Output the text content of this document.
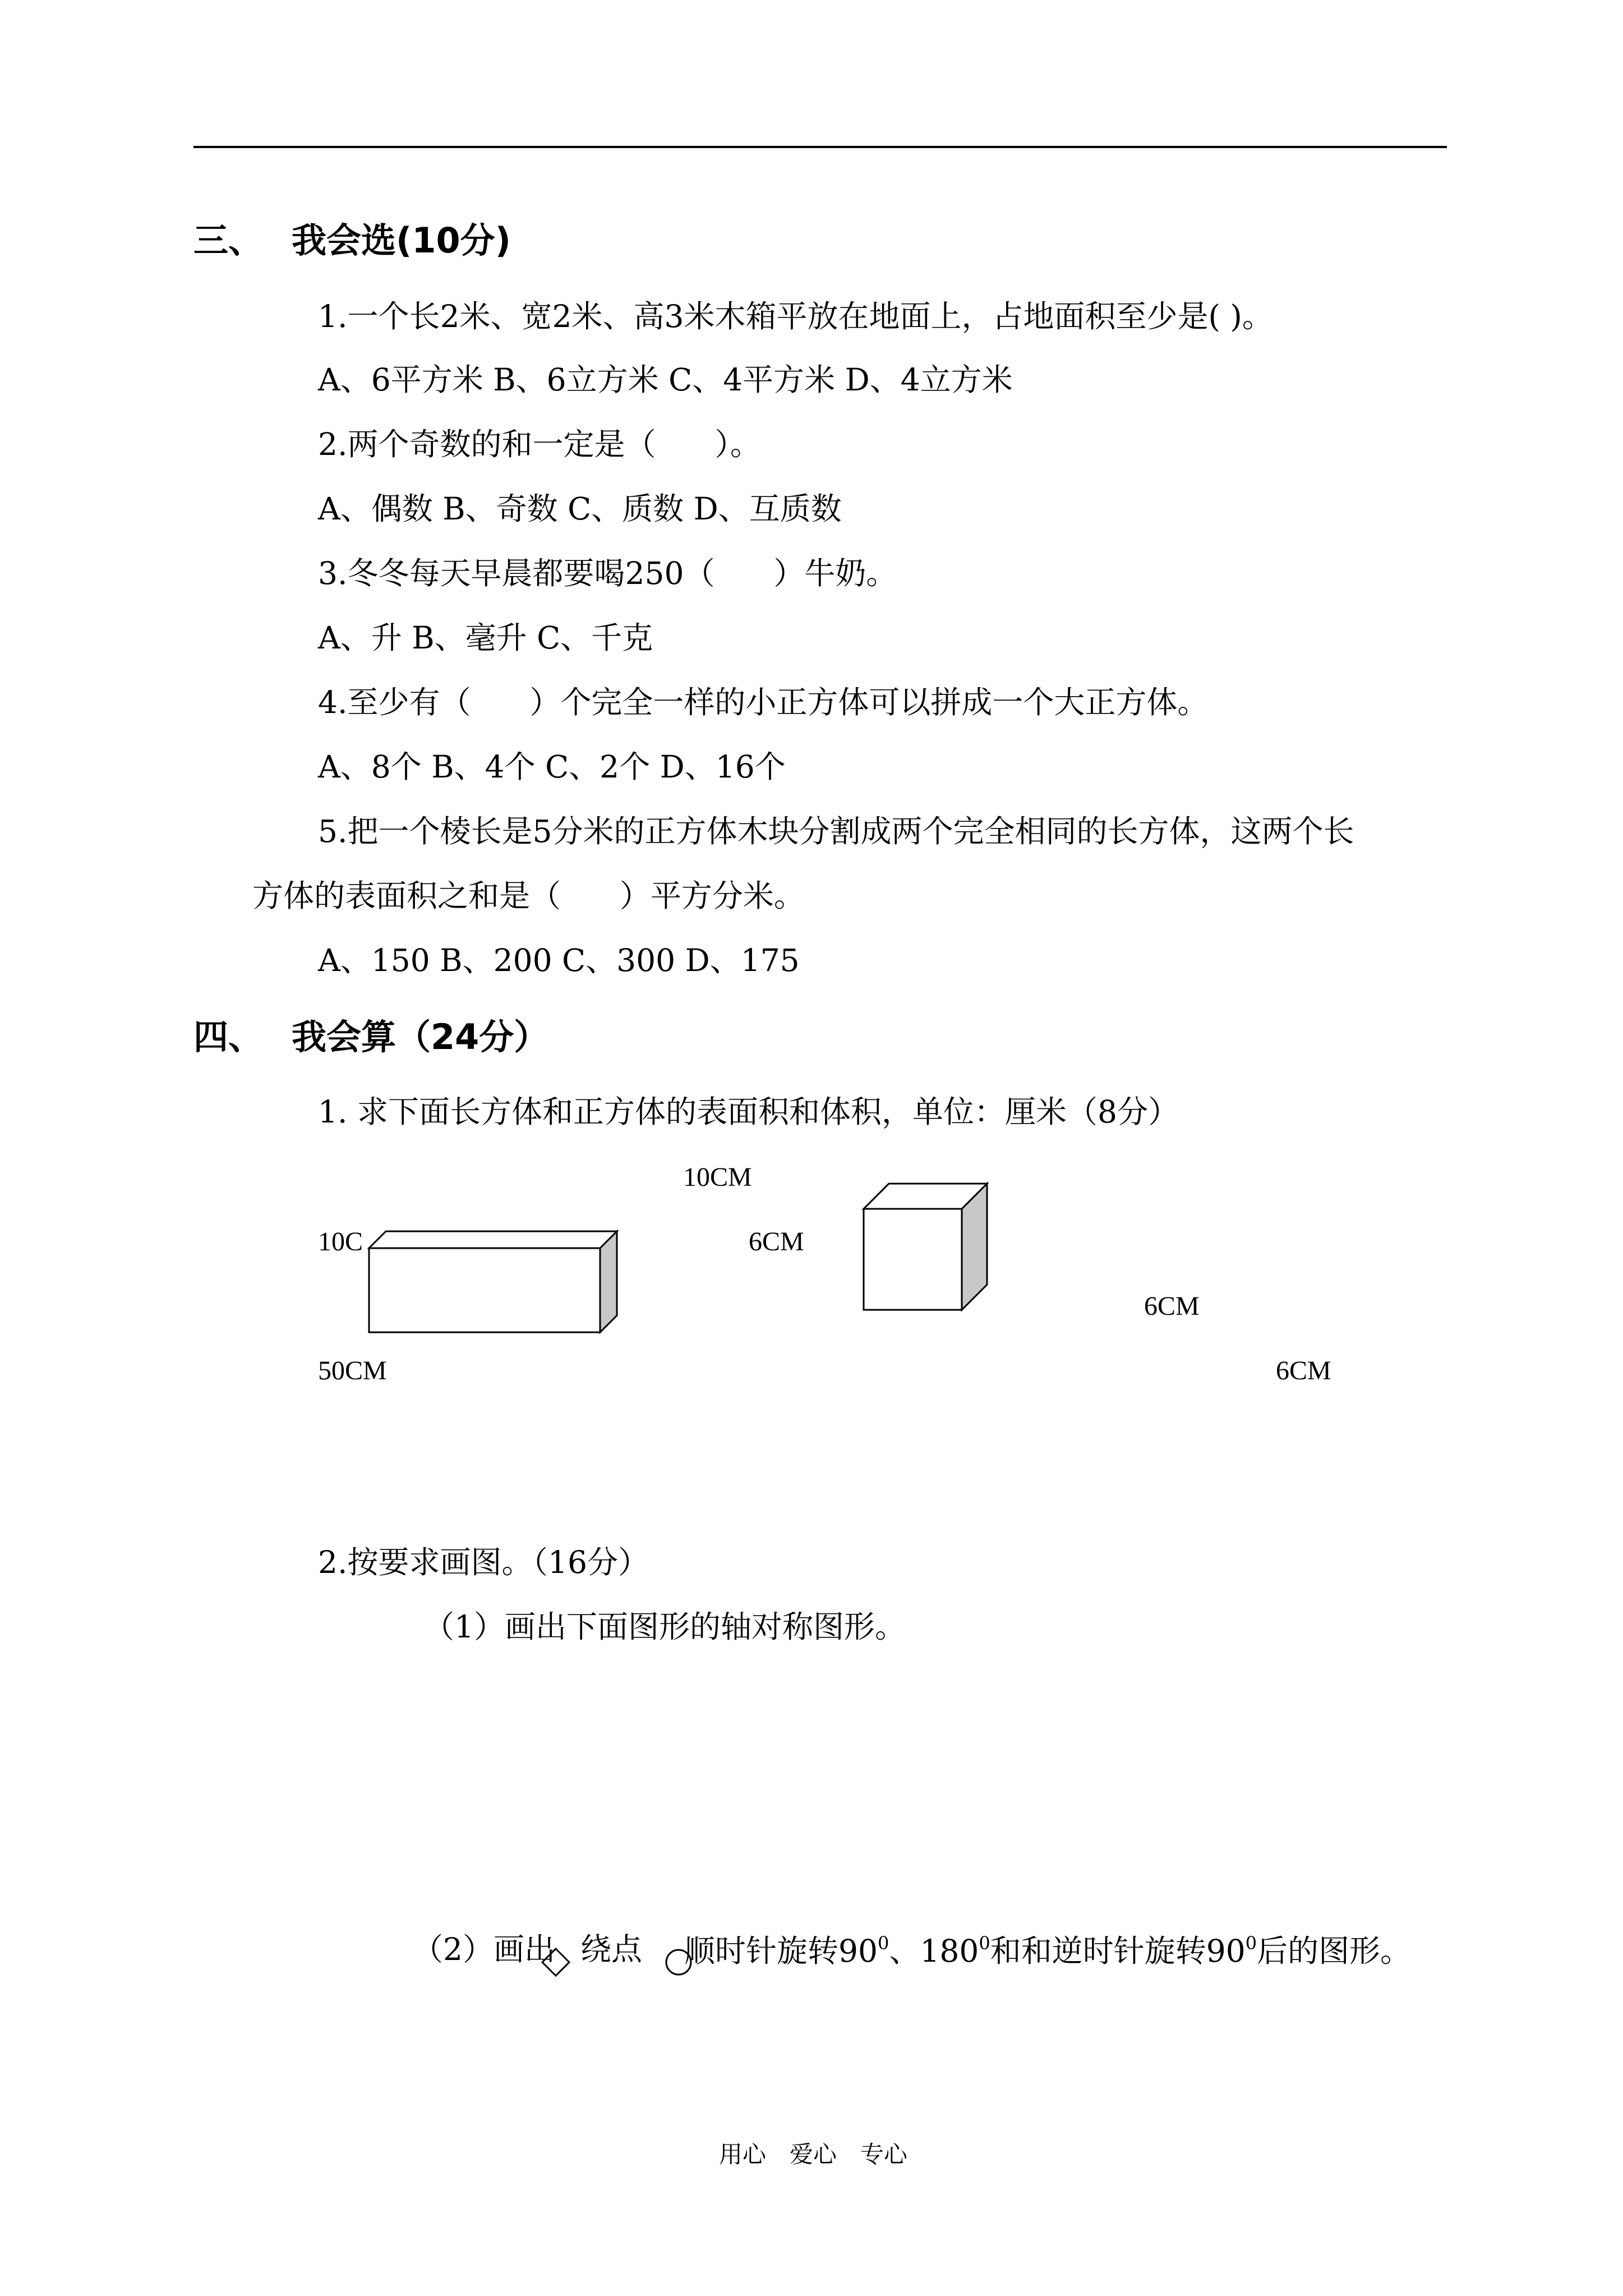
三、 我会选(10分)
1.一个长2米、宽2米、高3米木箱平放在地面上，占地面积至少是( )。
A、6平方米 B、6立方米 C、4平方米 D、4立方米
2.两个奇数的和一定是（      ）。
A、偶数 B、奇数 C、质数 D、互质数
3.冬冬每天早晨都要喝250（      ）牛奶。
A、升 B、毫升 C、千克
4.至少有（      ）个完全一样的小正方体可以拼成一个大正方体。
A、8个 B、4个 C、2个 D、16个
5.把一个棱长是5分米的正方体木块分割成两个完全相同的长方体，这两个长
方体的表面积之和是（      ）平方分米。
A、150 B、200 C、300 D、175
四、 我会算（24分）
1. 求下面长方体和正方体的表面积和体积，单位：厘米（8分）
10CM
10C
50CM
6CM
6CM
6CM
2.按要求画图。（16分）
（1）画出下面图形的轴对称图形。
（2）画出 绕点 顺时针旋转$90^0$、$180^0$和和逆时针旋转$90^0$后的图形。
用心　爱心　专心
